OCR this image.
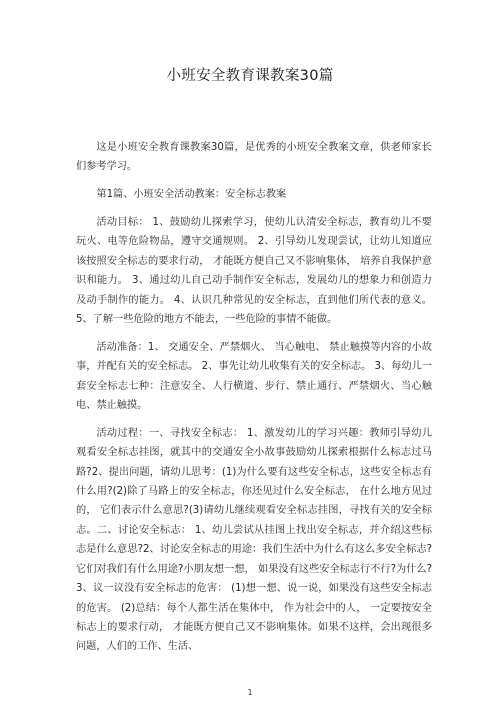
小班安全教育课教案30篇

这是小班安全教育课教案30篇，是优秀的小班安全教案文章，供老师家长们参考学习。

第1篇、小班安全活动教案：安全标志教案

活动目标： 1、鼓励幼儿探索学习，使幼儿认清安全标志，教育幼儿不要玩火、电等危险物品，遵守交通规则。 2、引导幼儿发现尝试，让幼儿知道应该按照安全标志的要求行动， 才能既方便自己又不影响集体， 培养自我保护意识和能力。 3、通过幼儿自己动手制作安全标志，发展幼儿的想象力和创造力及动手制作的能力。 4、认识几种常见的安全标志，直到他们所代表的意义。 5、了解一些危险的地方不能去，一些危险的事情不能做。

活动准备：1、 交通安全、严禁烟火、 当心触电、 禁止触摸等内容的小故事，并配有关的安全标志。 2、事先让幼儿收集有关的安全标志。 3、每幼儿一套安全标志七种：注意安全、人行横道、步行、禁止通行、严禁烟火、当心触电、禁止触摸。

活动过程：一、寻找安全标志： 1、激发幼儿的学习兴趣：教师引导幼儿观看安全标志挂图，就其中的交通安全小故事鼓励幼儿探索根据什么标志过马路?2、提出问题，请幼儿思考：(1)为什么要有这些安全标志，这些安全标志有什么用?(2)除了马路上的安全标志，你还见过什么安全标志， 在什么地方见过的， 它们表示什么意思?(3)请幼儿继续观看安全标志挂图，寻找有关的安全标志。二、讨论安全标志： 1、幼儿尝试从挂图上找出安全标志，并介绍这些标志是什么意思?2、讨论安全标志的用途：我们生活中为什么有这么多安全标志?它们对我们有什么用途?小朋友想一想， 如果没有这些安全标志行不行?为什么?3、议一议没有安全标志的危害： (1)想一想、说一说，如果没有这些安全标志的危害。 (2)总结：每个人都生活在集体中， 作为社会中的人， 一定要按安全标志上的要求行动， 才能既方便自己又不影响集体。如果不这样，会出现很多问题，人们的工作、生活、

1
